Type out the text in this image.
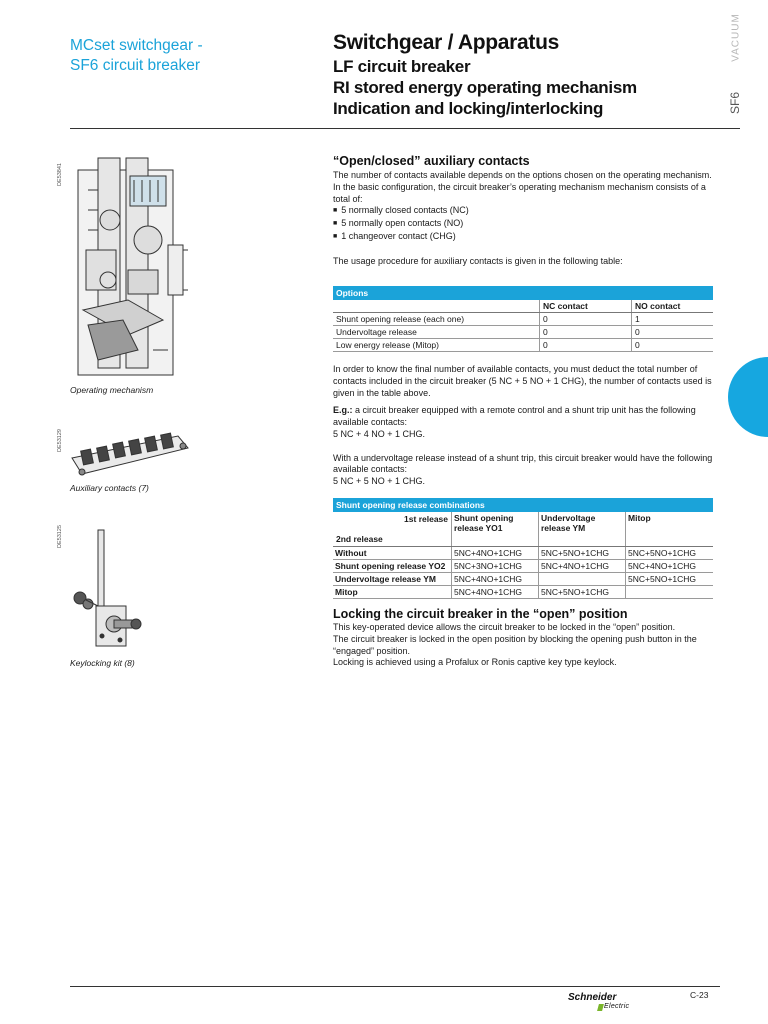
MCset switchgear -
SF6 circuit breaker
Switchgear / Apparatus
LF circuit breaker
RI stored energy operating mechanism
Indication and locking/interlocking
VACUUM
SF6
DE53841
Operating mechanism
DE53129
Auxiliary contacts (7)
DE53125
Keylocking kit (8)
“Open/closed” auxiliary contacts

The number of contacts available depends on the options chosen on the operating mechanism.

In the basic configuration, the circuit breaker’s operating mechanism mechanism consists of a total of:

■ 5 normally closed contacts (NC)

■ 5 normally open contacts (NO)

■ 1 changeover contact (CHG)

The usage procedure for auxiliary contacts is given in the following table:

Options		
	NC contact	NO contact
Shunt opening release (each one)	0	1
Undervoltage release	0	0
Low energy release (Mitop)	0	0

In order to know the final number of available contacts, you must deduct the total number of contacts included in the circuit breaker (5 NC + 5 NO + 1 CHG), the number of contacts used is given in the table above.

E.g.: a circuit breaker equipped with a remote control and a shunt trip unit has the following available contacts:

5 NC + 4 NO + 1 CHG.

With a undervoltage release instead of a shunt trip, this circuit breaker would have the following available contacts:

5 NC + 5 NO + 1 CHG.

Shunt opening release combinations			

1st release
2nd release	Shunt opening release YO1	Undervoltage release YM	Mitop
Without	5NC+4NO+1CHG	5NC+5NO+1CHG	5NC+5NO+1CHG
Shunt opening release YO2	5NC+3NO+1CHG	5NC+4NO+1CHG	5NC+4NO+1CHG
Undervoltage release YM	5NC+4NO+1CHG		5NC+5NO+1CHG
Mitop	5NC+4NO+1CHG	5NC+5NO+1CHG	
Locking the circuit breaker in the “open” position

This key-operated device allows the circuit breaker to be locked in the “open” position.

The circuit breaker is locked in the open position by blocking the opening push button in the “engaged” position.

Locking is achieved using a Profalux or Ronis captive key type keylock.

Schneider
Electric
C-23
